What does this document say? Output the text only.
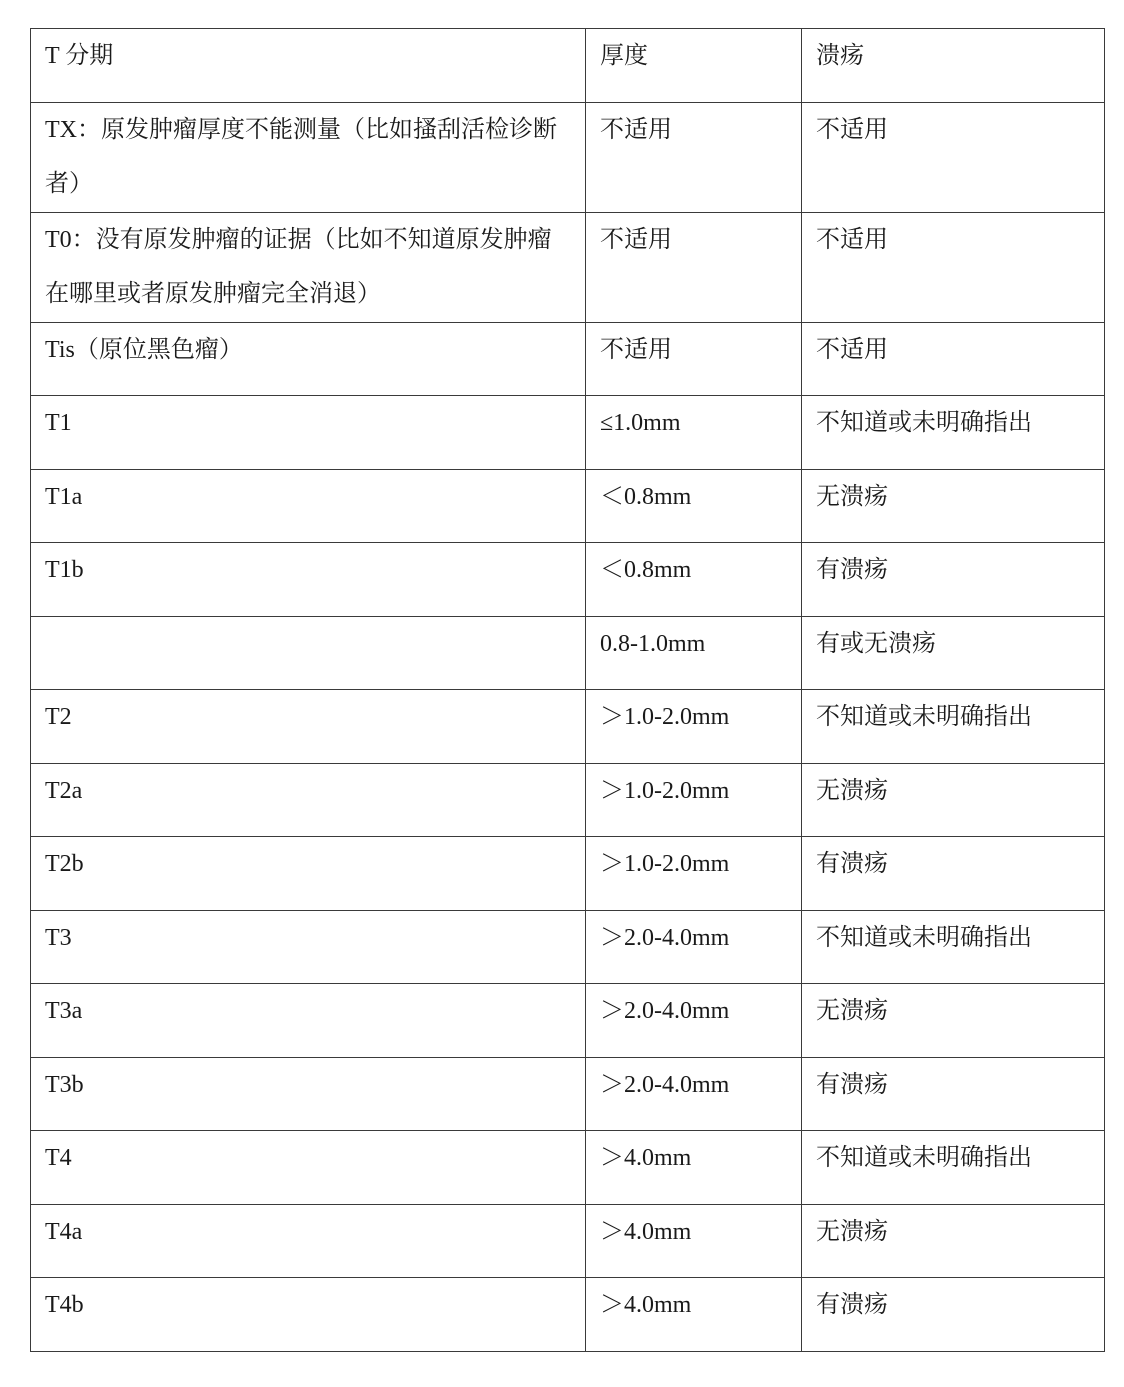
T 分期	厚度	溃疡

TX：原发肿瘤厚度不能测量（比如搔刮活检诊断者）	不适用	不适用

T0：没有原发肿瘤的证据（比如不知道原发肿瘤在哪里或者原发肿瘤完全消退）	不适用	不适用

Tis（原位黑色瘤）	不适用	不适用

T1	≤1.0mm	不知道或未明确指出

T1a	＜0.8mm	无溃疡

T1b	＜0.8mm	有溃疡

	0.8-1.0mm	有或无溃疡

T2	＞1.0-2.0mm	不知道或未明确指出

T2a	＞1.0-2.0mm	无溃疡

T2b	＞1.0-2.0mm	有溃疡

T3	＞2.0-4.0mm	不知道或未明确指出

T3a	＞2.0-4.0mm	无溃疡

T3b	＞2.0-4.0mm	有溃疡

T4	＞4.0mm	不知道或未明确指出

T4a	＞4.0mm	无溃疡

T4b	＞4.0mm	有溃疡
